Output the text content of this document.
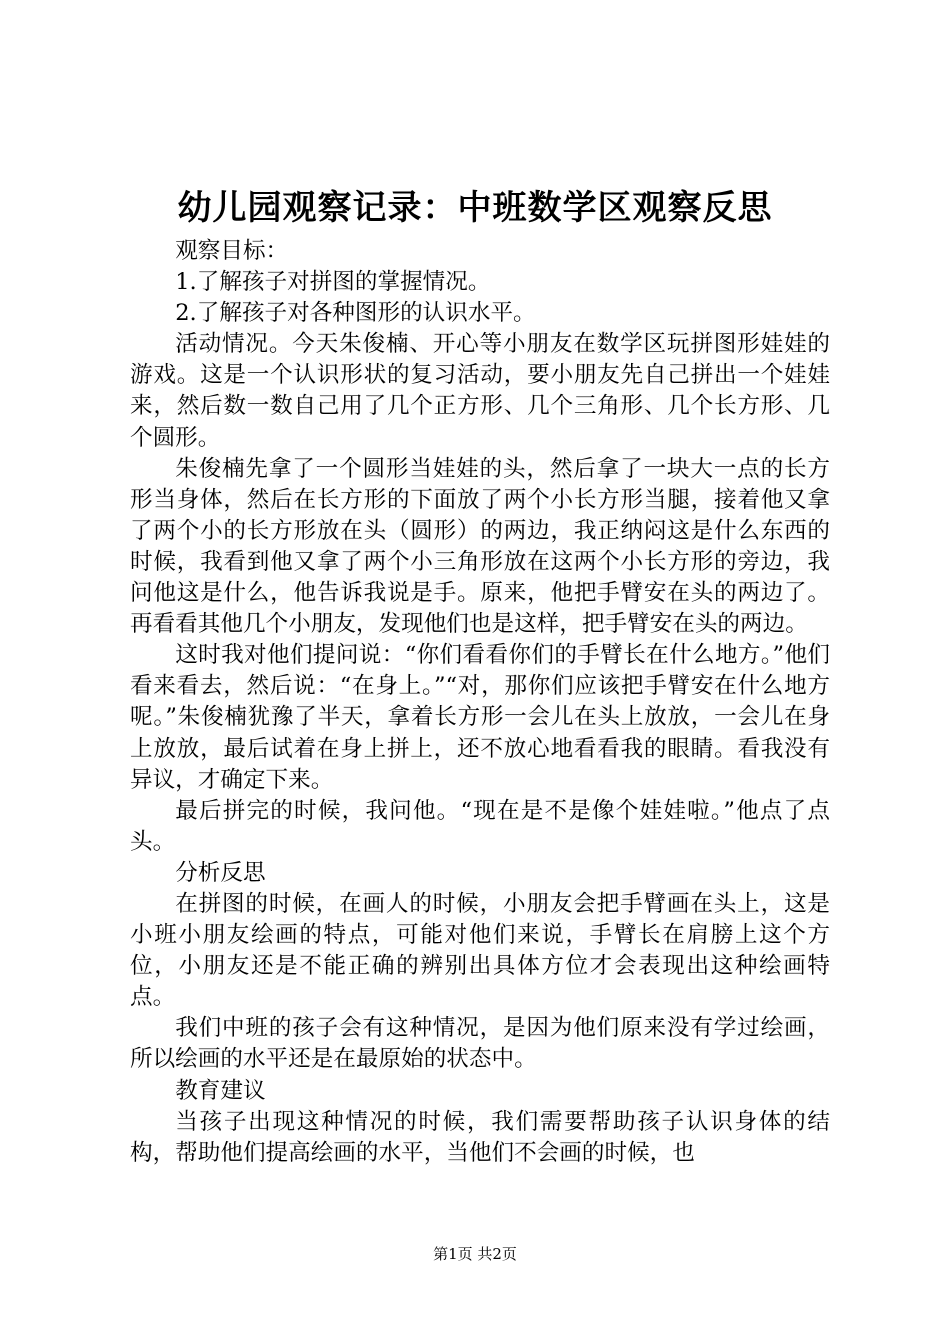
幼儿园观察记录：中班数学区观察反思

观察目标：

1.了解孩子对拼图的掌握情况。

2.了解孩子对各种图形的认识水平。

活动情况。今天朱俊楠、开心等小朋友在数学区玩拼图形娃娃的游戏。这是一个认识形状的复习活动，要小朋友先自己拼出一个娃娃来，然后数一数自己用了几个正方形、几个三角形、几个长方形、几个圆形。

朱俊楠先拿了一个圆形当娃娃的头，然后拿了一块大一点的长方形当身体，然后在长方形的下面放了两个小长方形当腿，接着他又拿了两个小的长方形放在头（圆形）的两边，我正纳闷这是什么东西的时候，我看到他又拿了两个小三角形放在这两个小长方形的旁边，我问他这是什么，他告诉我说是手。原来，他把手臂安在头的两边了。再看看其他几个小朋友，发现他们也是这样，把手臂安在头的两边。

这时我对他们提问说：“你们看看你们的手臂长在什么地方。”他们看来看去，然后说：“在身上。”“对，那你们应该把手臂安在什么地方呢。”朱俊楠犹豫了半天，拿着长方形一会儿在头上放放，一会儿在身上放放，最后试着在身上拼上，还不放心地看看我的眼睛。看我没有异议，才确定下来。

最后拼完的时候，我问他。“现在是不是像个娃娃啦。”他点了点头。

分析反思

在拼图的时候，在画人的时候，小朋友会把手臂画在头上，这是小班小朋友绘画的特点，可能对他们来说，手臂长在肩膀上这个方位，小朋友还是不能正确的辨别出具体方位才会表现出这种绘画特点。

我们中班的孩子会有这种情况，是因为他们原来没有学过绘画，所以绘画的水平还是在最原始的状态中。

教育建议

当孩子出现这种情况的时候，我们需要帮助孩子认识身体的结构，帮助他们提高绘画的水平，当他们不会画的时候，也

第1页 共2页
